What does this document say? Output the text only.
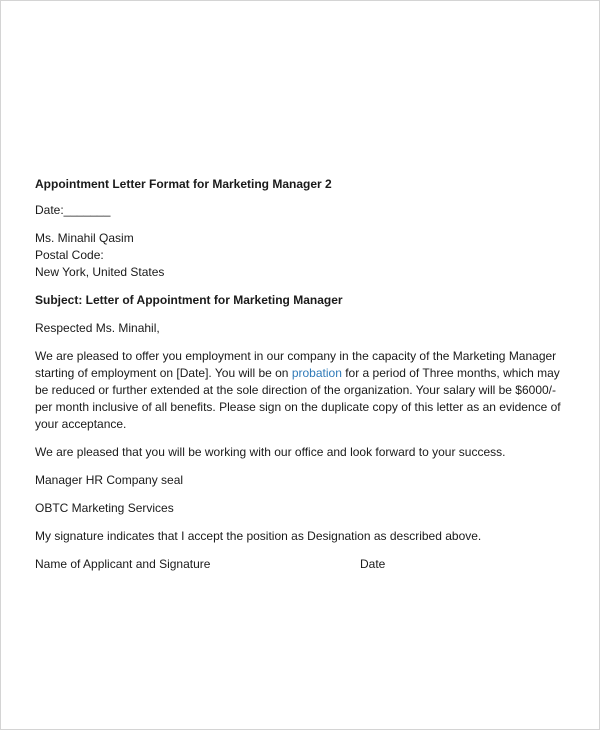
Appointment Letter Format for Marketing Manager 2
Date:_______
Ms. Minahil Qasim
Postal Code:
New York, United States
Subject: Letter of Appointment for Marketing Manager
Respected Ms. Minahil,
We are pleased to offer you employment in our company in the capacity of the Marketing Manager starting of employment on [Date]. You will be on probation for a period of Three months, which may be reduced or further extended at the sole direction of the organization. Your salary will be $6000/- per month inclusive of all benefits. Please sign on the duplicate copy of this letter as an evidence of your acceptance.
We are pleased that you will be working with our office and look forward to your success.
Manager HR Company seal
OBTC Marketing Services
My signature indicates that I accept the position as Designation as described above.
Name of Applicant and Signature	Date
